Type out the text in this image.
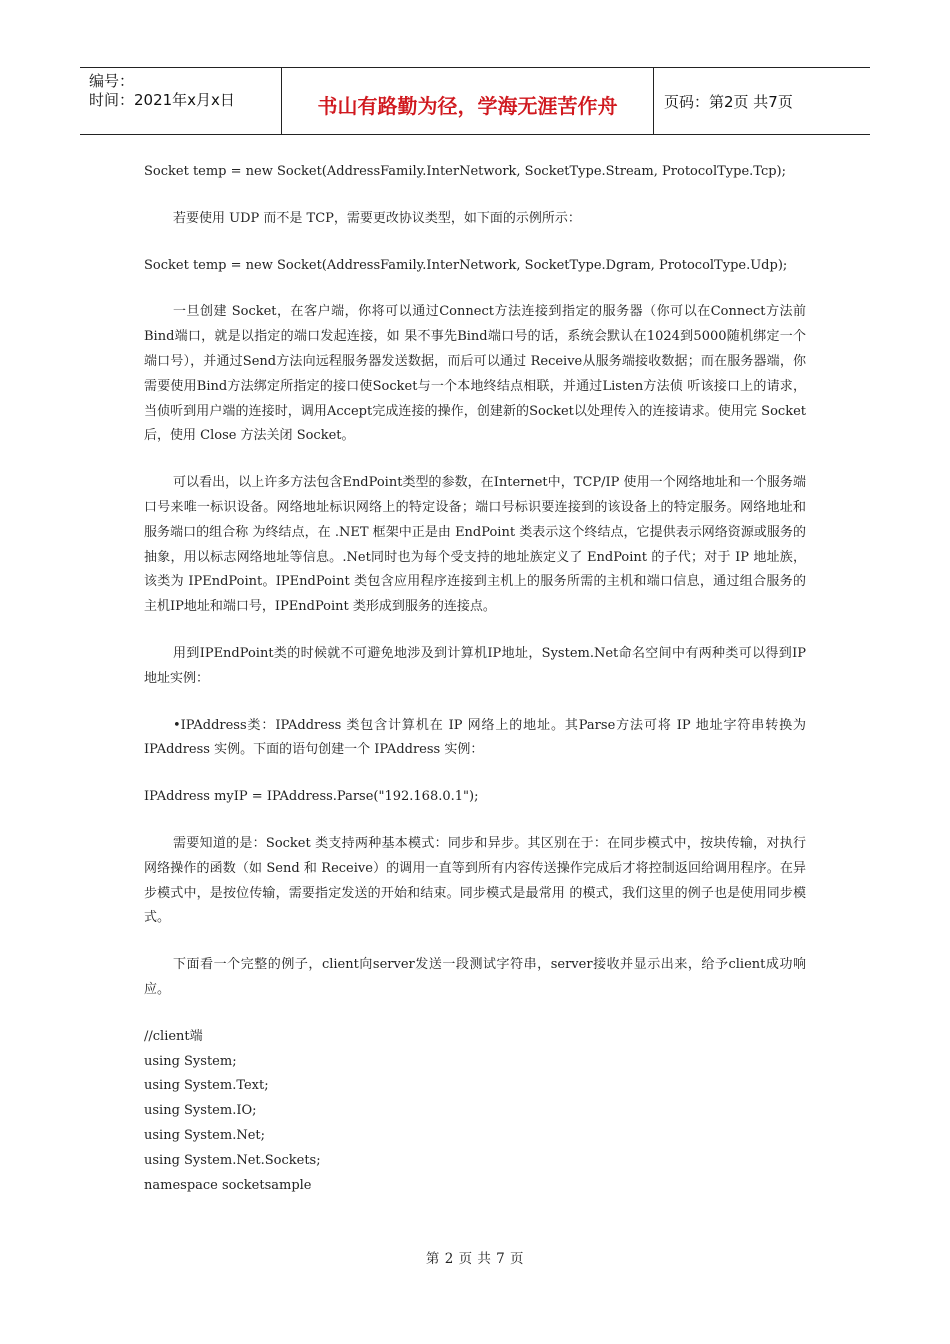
编号：
时间：2021年x月x日	书山有路勤为径，学海无涯苦作舟	页码：第2页 共7页

Socket temp = new Socket(AddressFamily.InterNetwork, SocketType.Stream, ProtocolType.Tcp);

若要使用 UDP 而不是 TCP，需要更改协议类型，如下面的示例所示：

Socket temp = new Socket(AddressFamily.InterNetwork, SocketType.Dgram, ProtocolType.Udp);

一旦创建 Socket，在客户端，你将可以通过Connect方法连接到指定的服务器（你可以在Connect方法前Bind端口，就是以指定的端口发起连接，如 果不事先Bind端口号的话，系统会默认在1024到5000随机绑定一个端口号），并通过Send方法向远程服务器发送数据，而后可以通过 Receive从服务端接收数据；而在服务器端，你需要使用Bind方法绑定所指定的接口使Socket与一个本地终结点相联，并通过Listen方法侦 听该接口上的请求，当侦听到用户端的连接时，调用Accept完成连接的操作，创建新的Socket以处理传入的连接请求。使用完 Socket 后，使用 Close 方法关闭 Socket。

可以看出，以上许多方法包含EndPoint类型的参数，在Internet中，TCP/IP 使用一个网络地址和一个服务端口号来唯一标识设备。网络地址标识网络上的特定设备；端口号标识要连接到的该设备上的特定服务。网络地址和服务端口的组合称 为终结点，在 .NET 框架中正是由 EndPoint 类表示这个终结点，它提供表示网络资源或服务的抽象，用以标志网络地址等信息。.Net同时也为每个受支持的地址族定义了 EndPoint 的子代；对于 IP 地址族，该类为 IPEndPoint。IPEndPoint 类包含应用程序连接到主机上的服务所需的主机和端口信息，通过组合服务的主机IP地址和端口号，IPEndPoint 类形成到服务的连接点。

用到IPEndPoint类的时候就不可避免地涉及到计算机IP地址，System.Net命名空间中有两种类可以得到IP地址实例：

•IPAddress类：IPAddress 类包含计算机在 IP 网络上的地址。其Parse方法可将 IP 地址字符串转换为 IPAddress 实例。下面的语句创建一个 IPAddress 实例：

IPAddress myIP = IPAddress.Parse("192.168.0.1");

需要知道的是：Socket 类支持两种基本模式：同步和异步。其区别在于：在同步模式中，按块传输，对执行网络操作的函数（如 Send 和 Receive）的调用一直等到所有内容传送操作完成后才将控制返回给调用程序。在异步模式中，是按位传输，需要指定发送的开始和结束。同步模式是最常用 的模式，我们这里的例子也是使用同步模式。

下面看一个完整的例子，client向server发送一段测试字符串，server接收并显示出来，给予client成功响应。

//client端

using System;

using System.Text;

using System.IO;

using System.Net;

using System.Net.Sockets;

namespace socketsample

第 2 页 共 7 页
